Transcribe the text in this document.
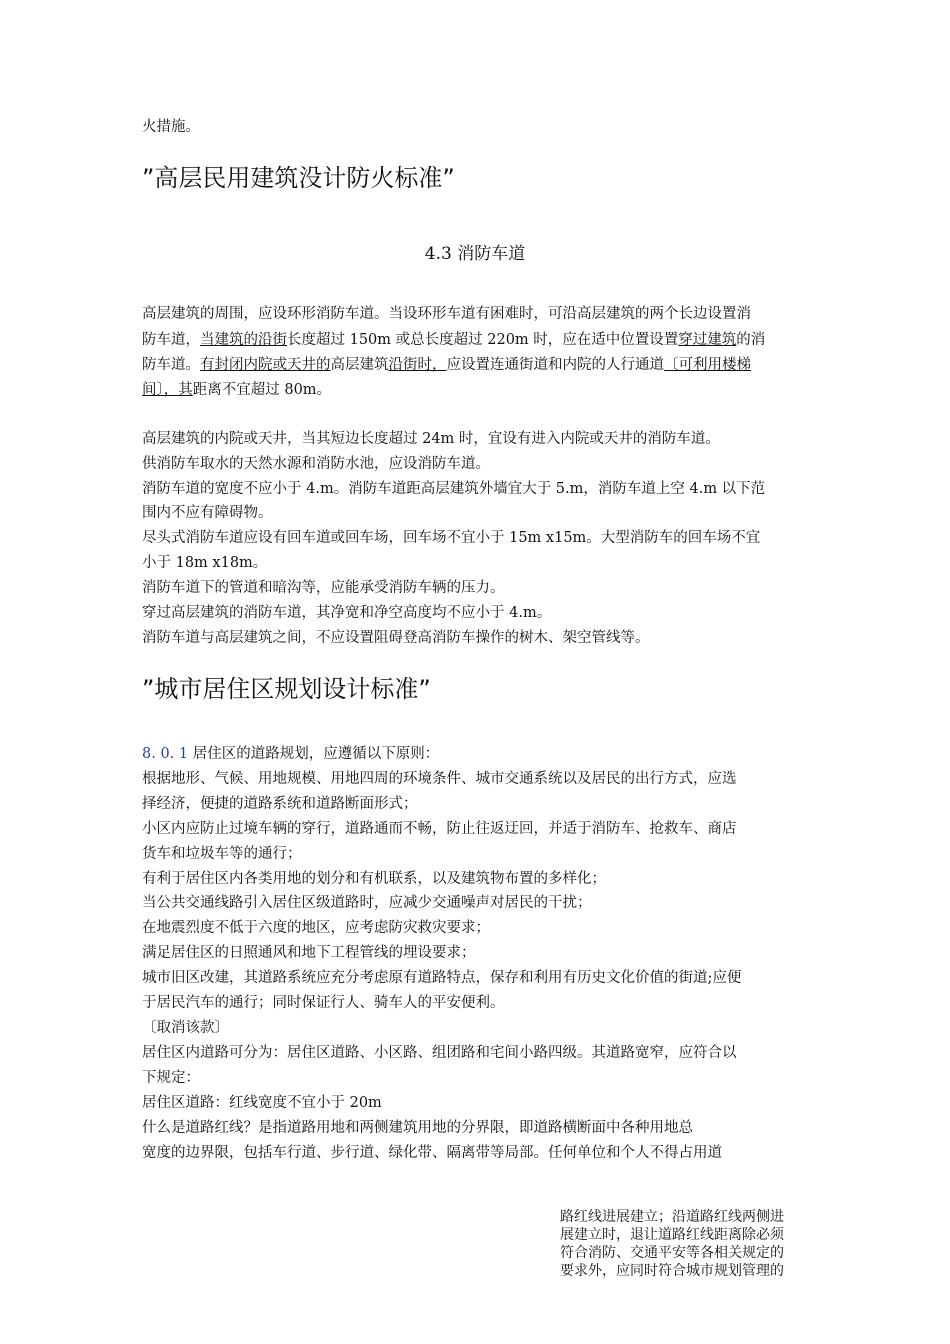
火措施。
”高层民用建筑没计防火标准”
4.3 消防车道
高层建筑的周围，应设环形消防车道。当设环形车道有困难时，可沿高层建筑的两个长边设置消
防车道，当建筑的沿街长度超过 150m 或总长度超过 220m 时，应在适中位置设置穿过建筑的消
防车道。有封闭内院或天井的高层建筑沿街时，应设置连通街道和内院的人行通道〔可利用楼梯
间〕，其距离不宜超过 80m。
高层建筑的内院或天井，当其短边长度超过 24m 时，宜设有进入内院或天井的消防车道。
供消防车取水的天然水源和消防水池，应设消防车道。
消防车道的宽度不应小于 4.m。消防车道距高层建筑外墙宜大于 5.m，消防车道上空 4.m 以下范
围内不应有障碍物。
尽头式消防车道应设有回车道或回车场，回车场不宜小于 15m x15m。大型消防车的回车场不宜
小于 18m x18m。
消防车道下的管道和暗沟等，应能承受消防车辆的压力。
穿过高层建筑的消防车道，其净宽和净空高度均不应小于 4.m。
消防车道与高层建筑之间，不应设置阻碍登高消防车操作的树木、架空管线等。
”城市居住区规划设计标准”
8. 0. 1 居住区的道路规划，应遵循以下原则：
根据地形、气候、用地规模、用地四周的环境条件、城市交通系统以及居民的出行方式，应选
择经济，便捷的道路系统和道路断面形式；
小区内应防止过境车辆的穿行，道路通而不畅，防止往返迂回，并适于消防车、抢救车、商店
货车和垃圾车等的通行；
有利于居住区内各类用地的划分和有机联系，以及建筑物布置的多样化；
当公共交通线路引入居住区级道路时，应减少交通噪声对居民的干扰；
在地震烈度不低于六度的地区，应考虑防灾救灾要求；
满足居住区的日照通风和地下工程管线的埋设要求；
城市旧区改建，其道路系统应充分考虑原有道路特点，保存和利用有历史文化价值的街道;应便
于居民汽车的通行；同时保证行人、骑车人的平安便利。
〔取消该款〕
居住区内道路可分为：居住区道路、小区路、组团路和宅间小路四级。其道路宽窄，应符合以
下规定：
居住区道路：红线宽度不宜小于 20m
什么是道路红线？是指道路用地和两侧建筑用地的分界限，即道路横断面中各种用地总
宽度的边界限，包括车行道、步行道、绿化带、隔离带等局部。任何单位和个人不得占用道
路红线进展建立；沿道路红线两侧进
展建立时，退让道路红线距离除必须
符合消防、交通平安等各相关规定的
要求外，应同时符合城市规划管理的
